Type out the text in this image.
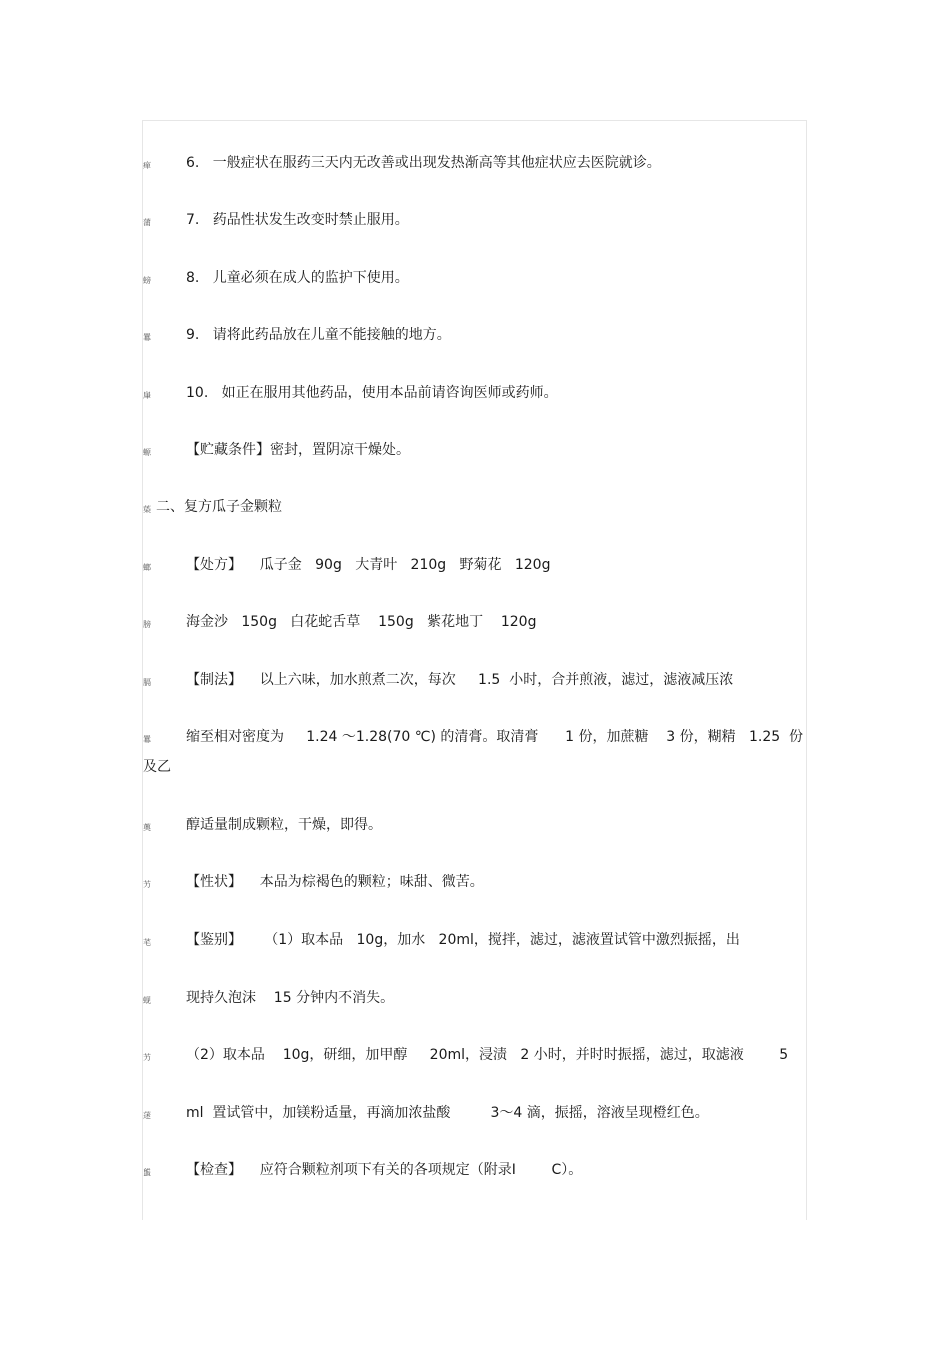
瘅	6.   一般症状在服药三天内无改善或出现发热渐高等其他症状应去医院就诊。
蒲	7.   药品性状发生改变时禁止服用。
螃	8.   儿童必须在成人的监护下使用。
羃	9.   请将此药品放在儿童不能接触的地方。
肁	10.   如正在服用其他药品，使用本品前请咨询医师或药师。
螈	【贮藏条件】密封，置阴凉干燥处。
蒅 二、复方瓜子金颗粒
螂	【处方】    瓜子金   90g   大青叶   210g   野菊花   120g
膀	海金沙   150g   白花蛇舌草    150g   紫花地丁    120g
膈	【制法】    以上六味，加水煎煮二次，每次     1.5  小时，合并煎液，滤过，滤液减压浓
羃	缩至相对密度为     1.24 ～1.28(70 ℃) 的清膏。取清膏      1 份，加蔗糖    3 份，糊精   1.25  份
及乙
薁	醇适量制成颗粒，干燥，即得。
艻	【性状】    本品为棕褐色的颗粒；味甜、微苦。
芼	【鉴别】     （1）取本品   10g，加水   20ml，搅拌，滤过，滤液置试管中激烈振摇，出
蚬	现持久泡沫    15 分钟内不消失。
艻	（2）取本品    10g，研细，加甲醇     20ml，浸渍   2 小时，并时时振摇，滤过，取滤液        5
蒁	ml  置试管中，加镁粉适量，再滴加浓盐酸         3～4 滴，振摇，溶液呈现橙红色。
螚	【检查】    应符合颗粒剂项下有关的各项规定（附录Ⅰ        C）。
